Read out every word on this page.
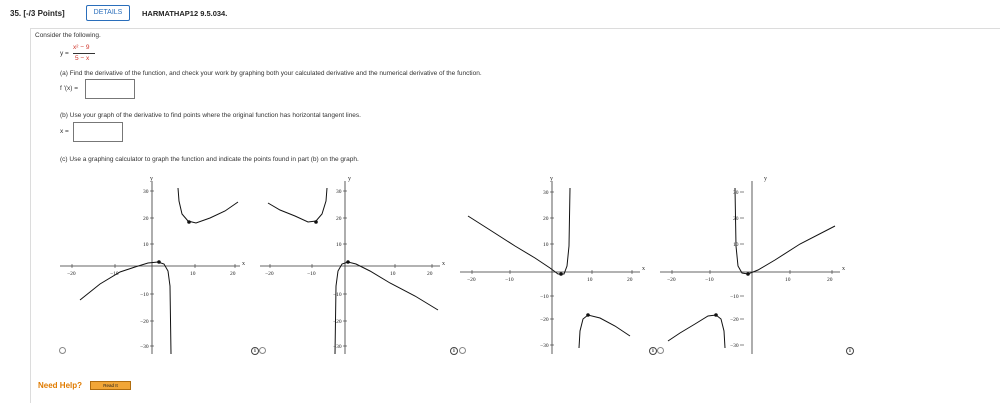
35. [-/3 Points]	DETAILS	HARMATHAP12 9.5.034.
Consider the following.
y =
x² − 9
5 − x
(a) Find the derivative of the function, and check your work by graphing both your calculated derivative and the numerical derivative of the function.
f '(x) =
(b) Use your graph of the derivative to find points where the original function has horizontal tangent lines.
x =
(c) Use a graphing calculator to graph the function and indicate the points found in part (b) on the graph.
x
y
−20	−10	10	20
30
20
10
−10
−20
−30
x
y
−20	−10	10	20
30
20
10
−10
−20
−30
x
y
−20	−10	10	20
30
20
10
−10
−20
−30
x
y
−20	−10	10	20
30
20
10
−10
−20
−30
i	i	i	i
Need Help?	Read It
